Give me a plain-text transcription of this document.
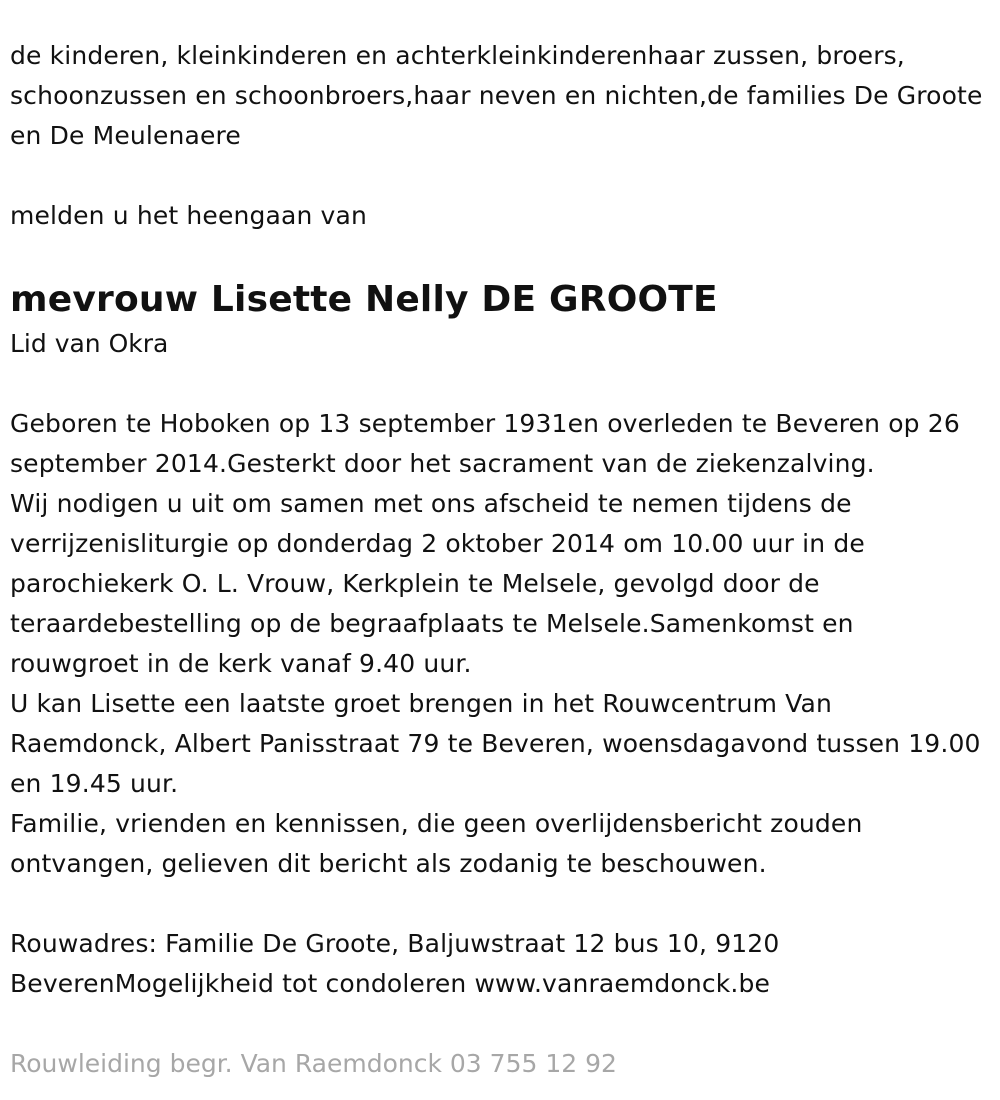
de kinderen, kleinkinderen en achterkleinkinderenhaar zussen, broers, schoonzussen en schoonbroers,haar neven en nichten,de families De Groote en De Meulenaere

melden u het heengaan van

mevrouw Lisette Nelly DE GROOTE

Lid van Okra

Geboren te Hoboken op 13 september 1931en overleden te Beveren op 26 september 2014.Gesterkt door het sacrament van de ziekenzalving.

Wij nodigen u uit om samen met ons afscheid te nemen tijdens de verrijzenisliturgie op donderdag 2 oktober 2014 om 10.00 uur in de parochiekerk O. L. Vrouw, Kerkplein te Melsele, gevolgd door de teraardebestelling op de begraafplaats te Melsele.Samenkomst en rouwgroet in de kerk vanaf 9.40 uur.

U kan Lisette een laatste groet brengen in het Rouwcentrum Van Raemdonck, Albert Panisstraat 79 te Beveren, woensdagavond tussen 19.00 en 19.45 uur.

Familie, vrienden en kennissen, die geen overlijdensbericht zouden ontvangen, gelieven dit bericht als zodanig te beschouwen.

Rouwadres: Familie De Groote, Baljuwstraat 12 bus 10, 9120 BeverenMogelijkheid tot condoleren www.vanraemdonck.be

Rouwleiding begr. Van Raemdonck 03 755 12 92
